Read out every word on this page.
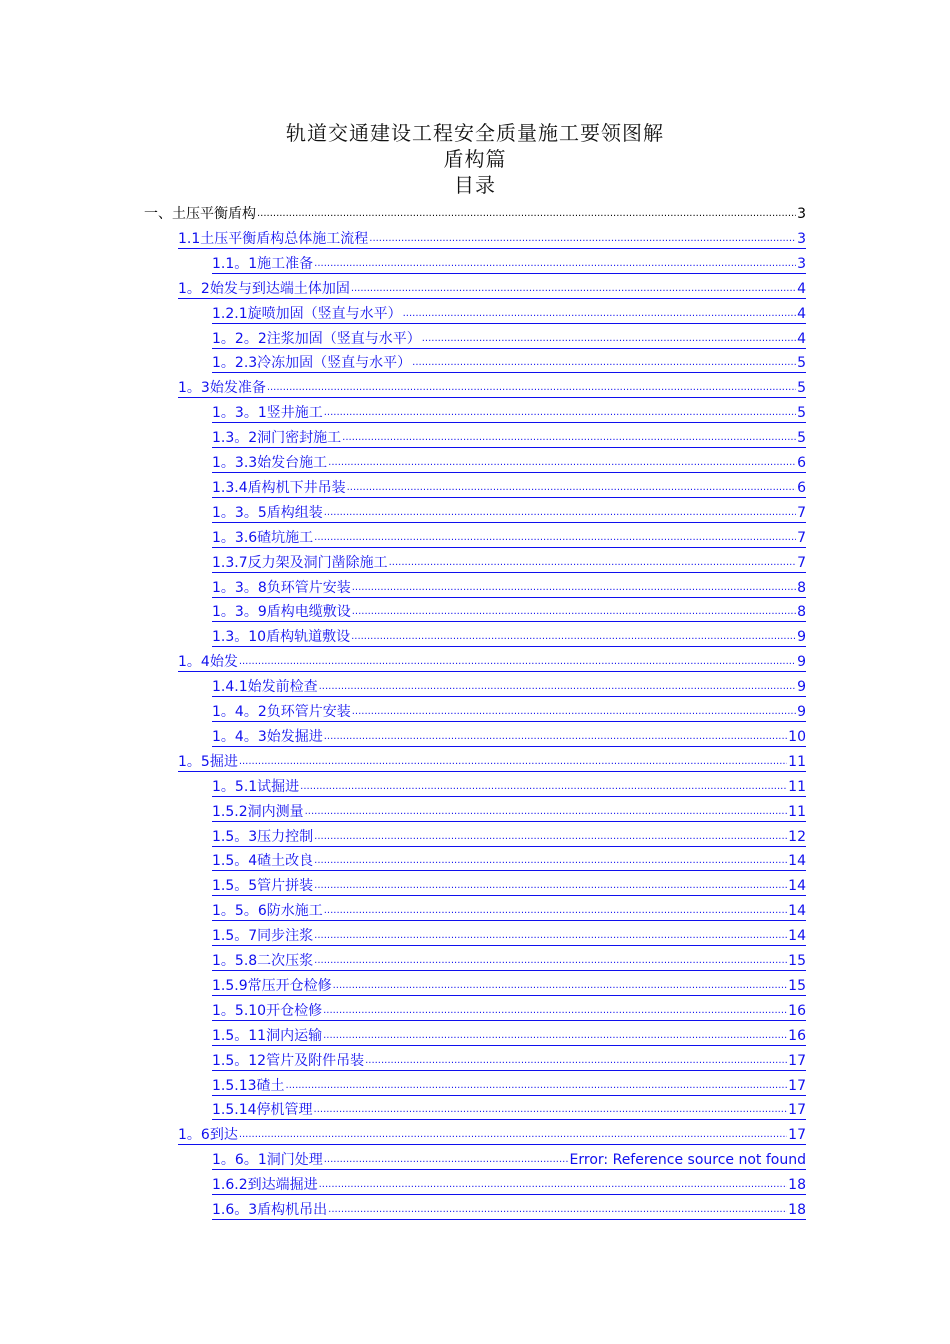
轨道交通建设工程安全质量施工要领图解
盾构篇
目录
一、土压平衡盾构 .....	3
1.1土压平衡盾构总体施工流程 .....	3
1.1。1施工准备 .....	3
1。2始发与到达端土体加固 .....	4
1.2.1旋喷加固（竖直与水平） .....	4
1。2。2注浆加固（竖直与水平） .....	4
1。2.3冷冻加固（竖直与水平） .....	5
1。3始发准备 .....	5
1。3。1竖井施工 .....	5
1.3。2洞门密封施工 .....	5
1。3.3始发台施工 .....	6
1.3.4盾构机下井吊装 .....	6
1。3。5盾构组装 .....	7
1。3.6碴坑施工 .....	7
1.3.7反力架及洞门凿除施工 .....	7
1。3。8负环管片安装 .....	8
1。3。9盾构电缆敷设 .....	8
1.3。10盾构轨道敷设 .....	9
1。4始发 .....	9
1.4.1始发前检查 .....	9
1。4。2负环管片安装 .....	9
1。4。3始发掘进 .....	10
1。5掘进 .....	11
1。5.1试掘进 .....	11
1.5.2洞内测量 .....	11
1.5。3压力控制 .....	12
1.5。4碴土改良 .....	14
1.5。5管片拼装 .....	14
1。5。6防水施工 .....	14
1.5。7同步注浆 .....	14
1。5.8二次压浆 .....	15
1.5.9常压开仓检修 .....	15
1。5.10开仓检修 .....	16
1.5。11洞内运输 .....	16
1.5。12管片及附件吊装 .....	17
1.5.13碴土 .....	17
1.5.14停机管理 .....	17
1。6到达 .....	17
1。6。1洞门处理 .....	Error: Reference source not found
1.6.2到达端掘进 .....	18
1.6。3盾构机吊出 .....	18
